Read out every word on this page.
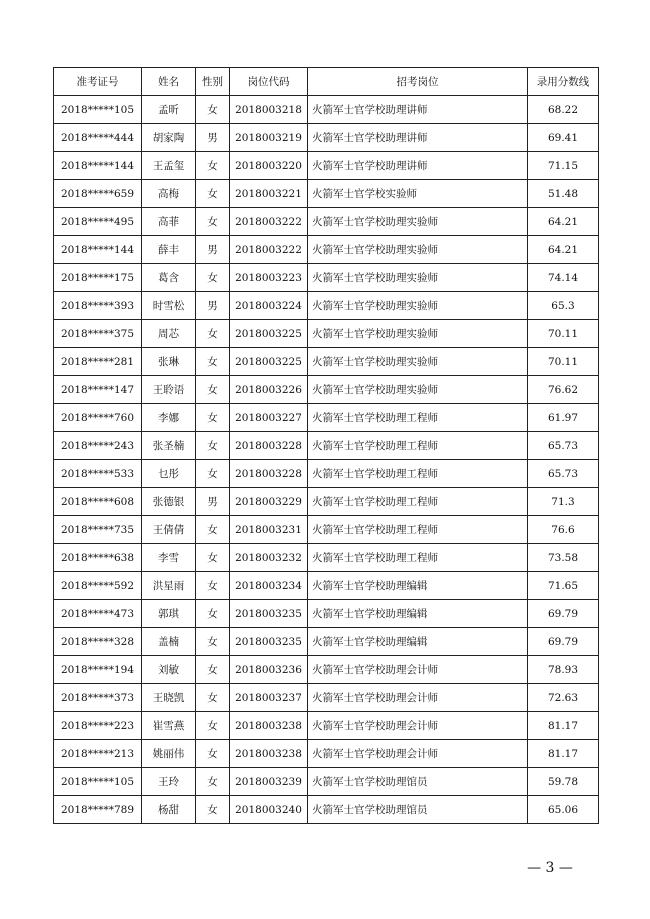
准考证号	姓名	性别	岗位代码	招考岗位	录用分数线
2018*****105	孟昕	女	2018003218	火箭军士官学校助理讲师	68.22
2018*****444	胡家陶	男	2018003219	火箭军士官学校助理讲师	69.41
2018*****144	王孟玺	女	2018003220	火箭军士官学校助理讲师	71.15
2018*****659	高梅	女	2018003221	火箭军士官学校实验师	51.48
2018*****495	高菲	女	2018003222	火箭军士官学校助理实验师	64.21
2018*****144	薛丰	男	2018003222	火箭军士官学校助理实验师	64.21
2018*****175	葛含	女	2018003223	火箭军士官学校助理实验师	74.14
2018*****393	时雪松	男	2018003224	火箭军士官学校助理实验师	65.3
2018*****375	周芯	女	2018003225	火箭军士官学校助理实验师	70.11
2018*****281	张琳	女	2018003225	火箭军士官学校助理实验师	70.11
2018*****147	王聆语	女	2018003226	火箭军士官学校助理实验师	76.62
2018*****760	李娜	女	2018003227	火箭军士官学校助理工程师	61.97
2018*****243	张圣楠	女	2018003228	火箭军士官学校助理工程师	65.73
2018*****533	乜彤	女	2018003228	火箭军士官学校助理工程师	65.73
2018*****608	张德银	男	2018003229	火箭军士官学校助理工程师	71.3
2018*****735	王倩倩	女	2018003231	火箭军士官学校助理工程师	76.6
2018*****638	李雪	女	2018003232	火箭军士官学校助理工程师	73.58
2018*****592	洪星雨	女	2018003234	火箭军士官学校助理编辑	71.65
2018*****473	郭琪	女	2018003235	火箭军士官学校助理编辑	69.79
2018*****328	盖楠	女	2018003235	火箭军士官学校助理编辑	69.79
2018*****194	刘敏	女	2018003236	火箭军士官学校助理会计师	78.93
2018*****373	王晓凯	女	2018003237	火箭军士官学校助理会计师	72.63
2018*****223	崔雪燕	女	2018003238	火箭军士官学校助理会计师	81.17
2018*****213	姚丽伟	女	2018003238	火箭军士官学校助理会计师	81.17
2018*****105	王玲	女	2018003239	火箭军士官学校助理馆员	59.78
2018*****789	杨甜	女	2018003240	火箭军士官学校助理馆员	65.06
— 3 —
